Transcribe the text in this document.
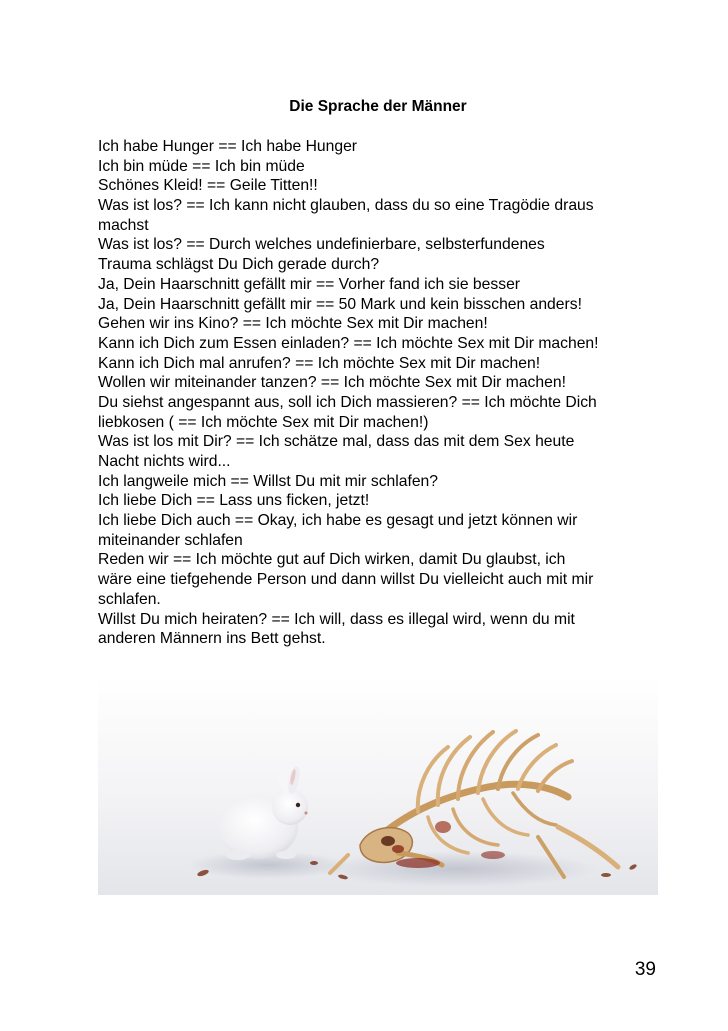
Die Sprache der Männer
Ich habe Hunger == Ich habe Hunger
Ich bin müde == Ich bin müde
Schönes Kleid! == Geile Titten!!
Was ist los? == Ich kann nicht glauben, dass du so eine Tragödie draus
machst
Was ist los? == Durch welches undefinierbare, selbsterfundenes
Trauma schlägst Du Dich gerade durch?
Ja, Dein Haarschnitt gefällt mir == Vorher fand ich sie besser
Ja, Dein Haarschnitt gefällt mir == 50 Mark und kein bisschen anders!
Gehen wir ins Kino? == Ich möchte Sex mit Dir machen!
Kann ich Dich zum Essen einladen? == Ich möchte Sex mit Dir machen!
Kann ich Dich mal anrufen? == Ich möchte Sex mit Dir machen!
Wollen wir miteinander tanzen? == Ich möchte Sex mit Dir machen!
Du siehst angespannt aus, soll ich Dich massieren? == Ich möchte Dich
liebkosen ( == Ich möchte Sex mit Dir machen!)
Was ist los mit Dir? == Ich schätze mal, dass das mit dem Sex heute
Nacht nichts wird...
Ich langweile mich == Willst Du mit mir schlafen?
Ich liebe Dich == Lass uns ficken, jetzt!
Ich liebe Dich auch == Okay, ich habe es gesagt und jetzt können wir
miteinander schlafen
Reden wir == Ich möchte gut auf Dich wirken, damit Du glaubst, ich
wäre eine tiefgehende Person und dann willst Du vielleicht auch mit mir
schlafen.
Willst Du mich heiraten? == Ich will, dass es illegal wird, wenn du mit
anderen Männern ins Bett gehst.
39
